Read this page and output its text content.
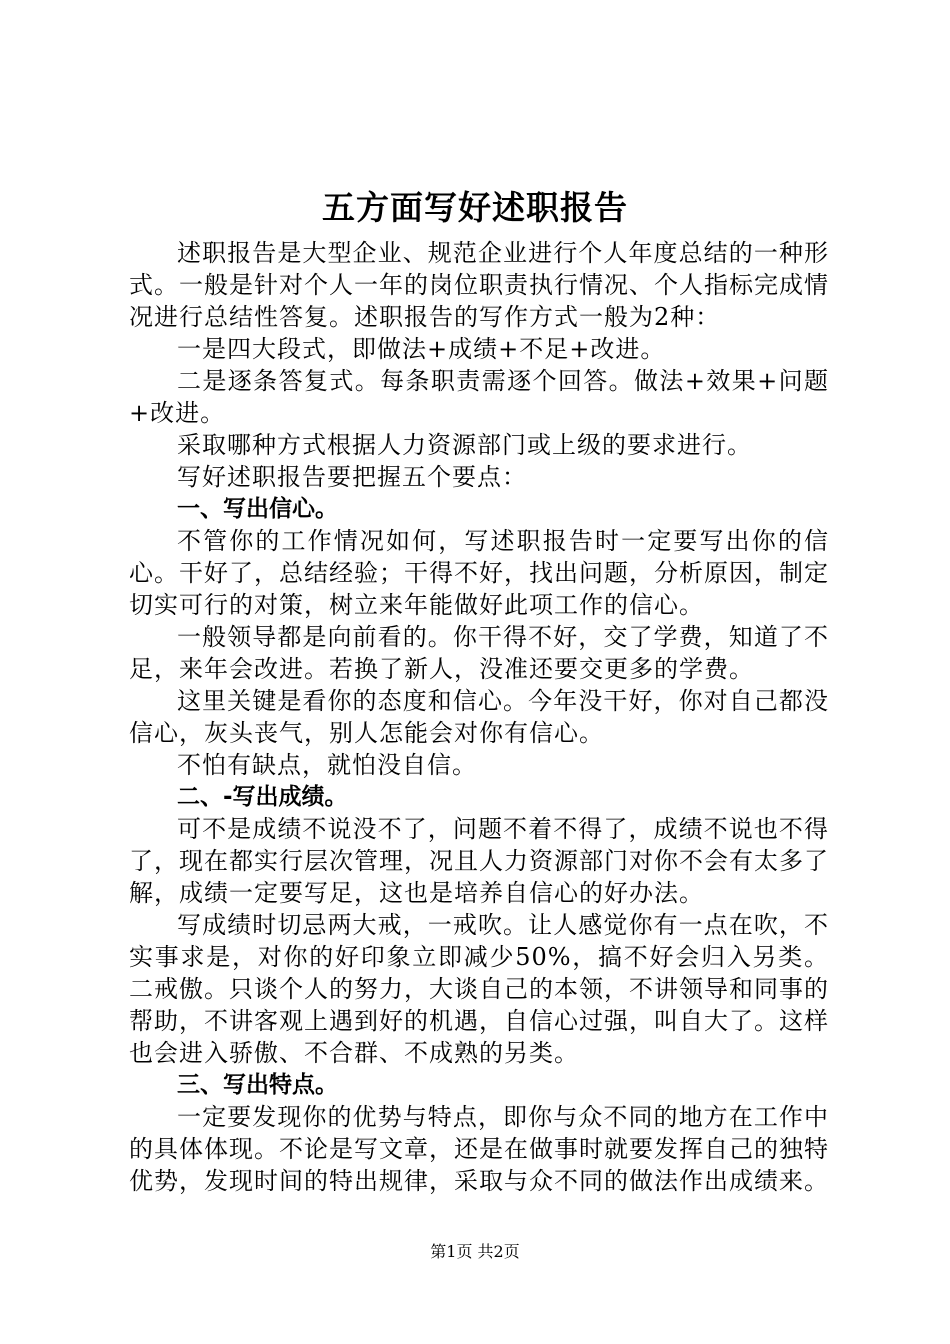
五方面写好述职报告

述职报告是大型企业、规范企业进行个人年度总结的一种形式。一般是针对个人一年的岗位职责执行情况、个人指标完成情况进行总结性答复。述职报告的写作方式一般为2种：

一是四大段式，即做法+成绩+不足+改进。

二是逐条答复式。每条职责需逐个回答。做法+效果+问题+改进。

采取哪种方式根据人力资源部门或上级的要求进行。

写好述职报告要把握五个要点：

一、写出信心。

不管你的工作情况如何，写述职报告时一定要写出你的信心。干好了，总结经验；干得不好，找出问题，分析原因，制定切实可行的对策，树立来年能做好此项工作的信心。

一般领导都是向前看的。你干得不好，交了学费，知道了不足，来年会改进。若换了新人，没准还要交更多的学费。

这里关键是看你的态度和信心。今年没干好，你对自己都没信心，灰头丧气，别人怎能会对你有信心。

不怕有缺点，就怕没自信。

二、-写出成绩。

可不是成绩不说没不了，问题不着不得了，成绩不说也不得了，现在都实行层次管理，况且人力资源部门对你不会有太多了解，成绩一定要写足，这也是培养自信心的好办法。

写成绩时切忌两大戒，一戒吹。让人感觉你有一点在吹，不实事求是，对你的好印象立即减少50%，搞不好会归入另类。二戒傲。只谈个人的努力，大谈自己的本领，不讲领导和同事的帮助，不讲客观上遇到好的机遇，自信心过强，叫自大了。这样也会进入骄傲、不合群、不成熟的另类。

三、写出特点。

一定要发现你的优势与特点，即你与众不同的地方在工作中的具体体现。不论是写文章，还是在做事时就要发挥自己的独特优势，发现时间的特出规律，采取与众不同的做法作出成绩来。

第1页 共2页
